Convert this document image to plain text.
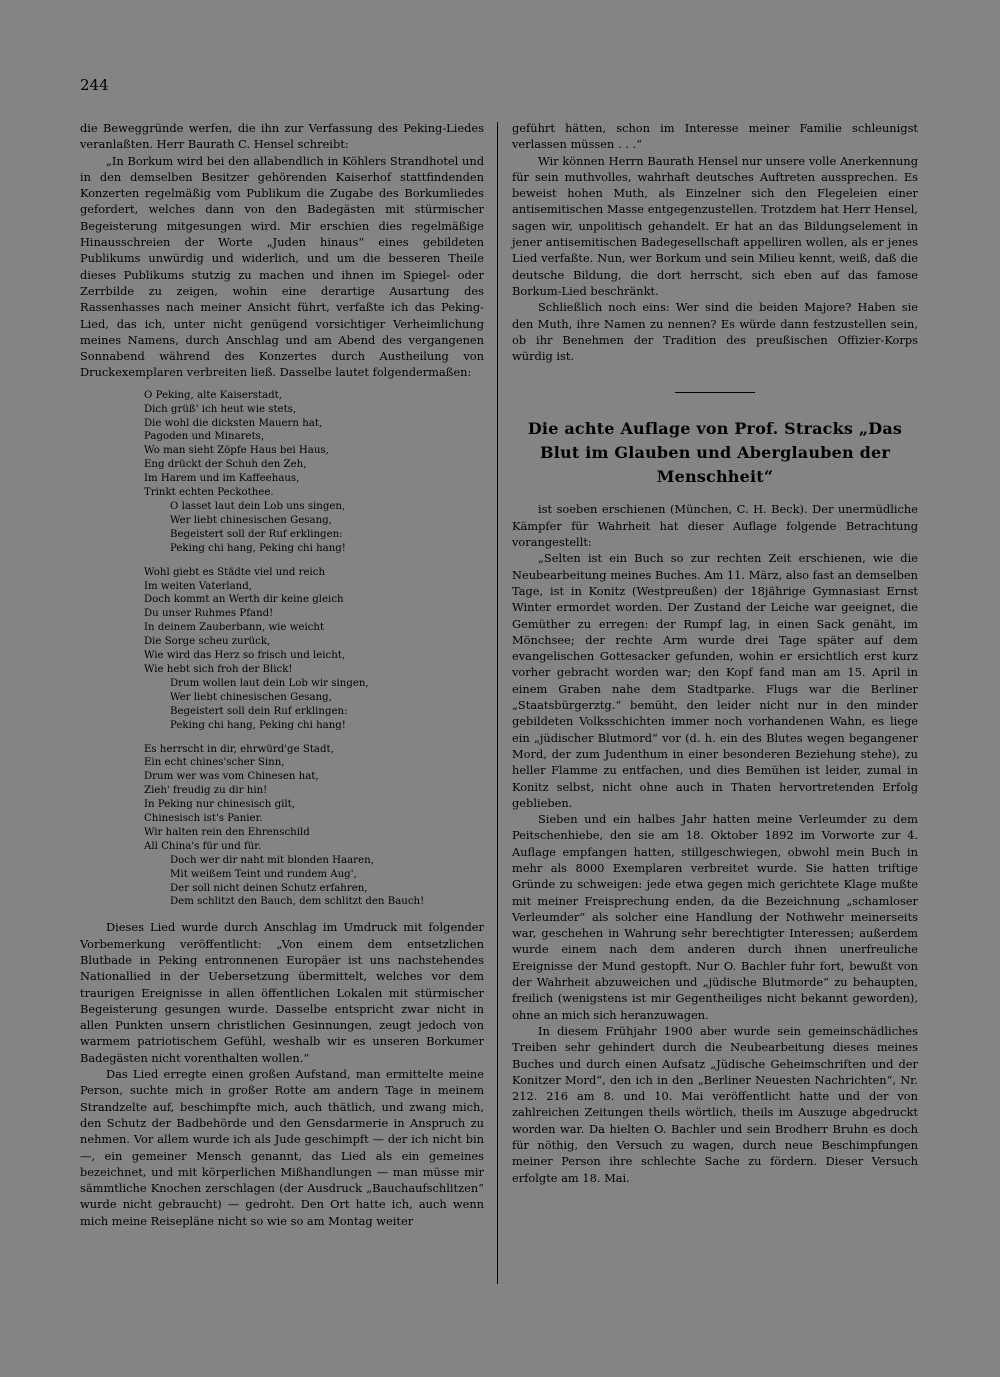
244

die Beweggründe werfen, die ihn zur Verfassung des Peking-Liedes veranlaßten. Herr Baurath C. Hensel schreibt:

„In Borkum wird bei den allabendlich in Köhlers Strandhotel und in den demselben Besitzer gehörenden Kaiserhof stattfindenden Konzerten regelmäßig vom Publikum die Zugabe des Borkumliedes gefordert, welches dann von den Badegästen mit stürmischer Begeisterung mitgesungen wird. Mir erschien dies regelmäßige Hinausschreien der Worte „Juden hinaus“ eines gebildeten Publikums unwürdig und widerlich, und um die besseren Theile dieses Publikums stutzig zu machen und ihnen im Spiegel- oder Zerrbilde zu zeigen, wohin eine derartige Ausartung des Rassenhasses nach meiner Ansicht führt, verfaßte ich das Peking-Lied, das ich, unter nicht genügend vorsichtiger Verheimlichung meines Namens, durch Anschlag und am Abend des vergangenen Sonnabend während des Konzertes durch Austheilung von Druckexemplaren verbreiten ließ. Dasselbe lautet folgendermaßen:

O Peking, alte Kaiserstadt,
Dich grüß' ich heut wie stets,
Die wohl die dicksten Mauern hat,
Pagoden und Minarets,
Wo man sieht Zöpfe Haus bei Haus,
Eng drückt der Schuh den Zeh,
Im Harem und im Kaffeehaus,
Trinkt echten Peckothee.
O lasset laut dein Lob uns singen,
Wer liebt chinesischen Gesang,
Begeistert soll der Ruf erklingen:
Peking chi hang, Peking chi hang!
Wohl giebt es Städte viel und reich
Im weiten Vaterland,
Doch kommt an Werth dir keine gleich
Du unser Ruhmes Pfand!
In deinem Zauberbann, wie weicht
Die Sorge scheu zurück,
Wie wird das Herz so frisch und leicht,
Wie hebt sich froh der Blick!
Drum wollen laut dein Lob wir singen,
Wer liebt chinesischen Gesang,
Begeistert soll dein Ruf erklingen:
Peking chi hang, Peking chi hang!
Es herrscht in dir, ehrwürd'ge Stadt,
Ein echt chines'scher Sinn,
Drum wer was vom Chinesen hat,
Zieh' freudig zu dir hin!
In Peking nur chinesisch gilt,
Chinesisch ist's Panier.
Wir halten rein den Ehrenschild
All China's für und für.
Doch wer dir naht mit blonden Haaren,
Mit weißem Teint und rundem Aug',
Der soll nicht deinen Schutz erfahren,
Dem schlitzt den Bauch, dem schlitzt den Bauch!

Dieses Lied wurde durch Anschlag im Umdruck mit folgender Vorbemerkung veröffentlicht: „Von einem dem entsetzlichen Blutbade in Peking entronnenen Europäer ist uns nachstehendes Nationallied in der Uebersetzung übermittelt, welches vor dem traurigen Ereignisse in allen öffentlichen Lokalen mit stürmischer Begeisterung gesungen wurde. Dasselbe entspricht zwar nicht in allen Punkten unsern christlichen Gesinnungen, zeugt jedoch von warmem patriotischem Gefühl, weshalb wir es unseren Borkumer Badegästen nicht vorenthalten wollen.“

Das Lied erregte einen großen Aufstand, man ermittelte meine Person, suchte mich in großer Rotte am andern Tage in meinem Strandzelte auf, beschimpfte mich, auch thätlich, und zwang mich, den Schutz der Badbehörde und den Gensdarmerie in Anspruch zu nehmen. Vor allem wurde ich als Jude geschimpft — der ich nicht bin —, ein gemeiner Mensch genannt, das Lied als ein gemeines bezeichnet, und mit körperlichen Mißhandlungen — man müsse mir sämmtliche Knochen zerschlagen (der Ausdruck „Bauchaufschlitzen“ wurde nicht gebraucht) — gedroht. Den Ort hatte ich, auch wenn mich meine Reisepläne nicht so wie so am Montag weiter

geführt hätten, schon im Interesse meiner Familie schleunigst verlassen müssen . . .“

Wir können Herrn Baurath Hensel nur unsere volle Anerkennung für sein muthvolles, wahrhaft deutsches Auftreten aussprechen. Es beweist hohen Muth, als Einzelner sich den Flegeleien einer antisemitischen Masse entgegenzustellen. Trotzdem hat Herr Hensel, sagen wir, unpolitisch gehandelt. Er hat an das Bildungselement in jener antisemitischen Badegesellschaft appelliren wollen, als er jenes Lied verfaßte. Nun, wer Borkum und sein Milieu kennt, weiß, daß die deutsche Bildung, die dort herrscht, sich eben auf das famose Borkum-Lied beschränkt.

Schließlich noch eins: Wer sind die beiden Majore? Haben sie den Muth, ihre Namen zu nennen? Es würde dann festzustellen sein, ob ihr Benehmen der Tradition des preußischen Offizier-Korps würdig ist.

Die achte Auflage von Prof. Stracks „Das Blut im Glauben und Aberglauben der Menschheit“

ist soeben erschienen (München, C. H. Beck). Der unermüdliche Kämpfer für Wahrheit hat dieser Auflage folgende Betrachtung vorangestellt:

„Selten ist ein Buch so zur rechten Zeit erschienen, wie die Neubearbeitung meines Buches. Am 11. März, also fast an demselben Tage, ist in Konitz (Westpreußen) der 18jährige Gymnasiast Ernst Winter ermordet worden. Der Zustand der Leiche war geeignet, die Gemüther zu erregen: der Rumpf lag, in einen Sack genäht, im Mönchsee; der rechte Arm wurde drei Tage später auf dem evangelischen Gottesacker gefunden, wohin er ersichtlich erst kurz vorher gebracht worden war; den Kopf fand man am 15. April in einem Graben nahe dem Stadtparke. Flugs war die Berliner „Staatsbürgerztg.“ bemüht, den leider nicht nur in den minder gebildeten Volksschichten immer noch vorhandenen Wahn, es liege ein „jüdischer Blutmord“ vor (d. h. ein des Blutes wegen begangener Mord, der zum Judenthum in einer besonderen Beziehung stehe), zu heller Flamme zu entfachen, und dies Bemühen ist leider, zumal in Konitz selbst, nicht ohne auch in Thaten hervortretenden Erfolg geblieben.

Sieben und ein halbes Jahr hatten meine Verleumder zu dem Peitschenhiebe, den sie am 18. Oktober 1892 im Vorworte zur 4. Auflage empfangen hatten, stillgeschwiegen, obwohl mein Buch in mehr als 8000 Exemplaren verbreitet wurde. Sie hatten triftige Gründe zu schweigen: jede etwa gegen mich gerichtete Klage mußte mit meiner Freisprechung enden, da die Bezeichnung „schamloser Verleumder“ als solcher eine Handlung der Nothwehr meinerseits war, geschehen in Wahrung sehr berechtigter Interessen; außerdem wurde einem nach dem anderen durch ihnen unerfreuliche Ereignisse der Mund gestopft. Nur O. Bachler fuhr fort, bewußt von der Wahrheit abzuweichen und „jüdische Blutmorde“ zu behaupten, freilich (wenigstens ist mir Gegentheiliges nicht bekannt geworden), ohne an mich sich heranzuwagen.

In diesem Frühjahr 1900 aber wurde sein gemeinschädliches Treiben sehr gehindert durch die Neubearbeitung dieses meines Buches und durch einen Aufsatz „Jüdische Geheimschriften und der Konitzer Mord“, den ich in den „Berliner Neuesten Nachrichten“, Nr. 212. 216 am 8. und 10. Mai veröffentlicht hatte und der von zahlreichen Zeitungen theils wörtlich, theils im Auszuge abgedruckt worden war. Da hielten O. Bachler und sein Brodherr Bruhn es doch für nöthig, den Versuch zu wagen, durch neue Beschimpfungen meiner Person ihre schlechte Sache zu fördern. Dieser Versuch erfolgte am 18. Mai.
